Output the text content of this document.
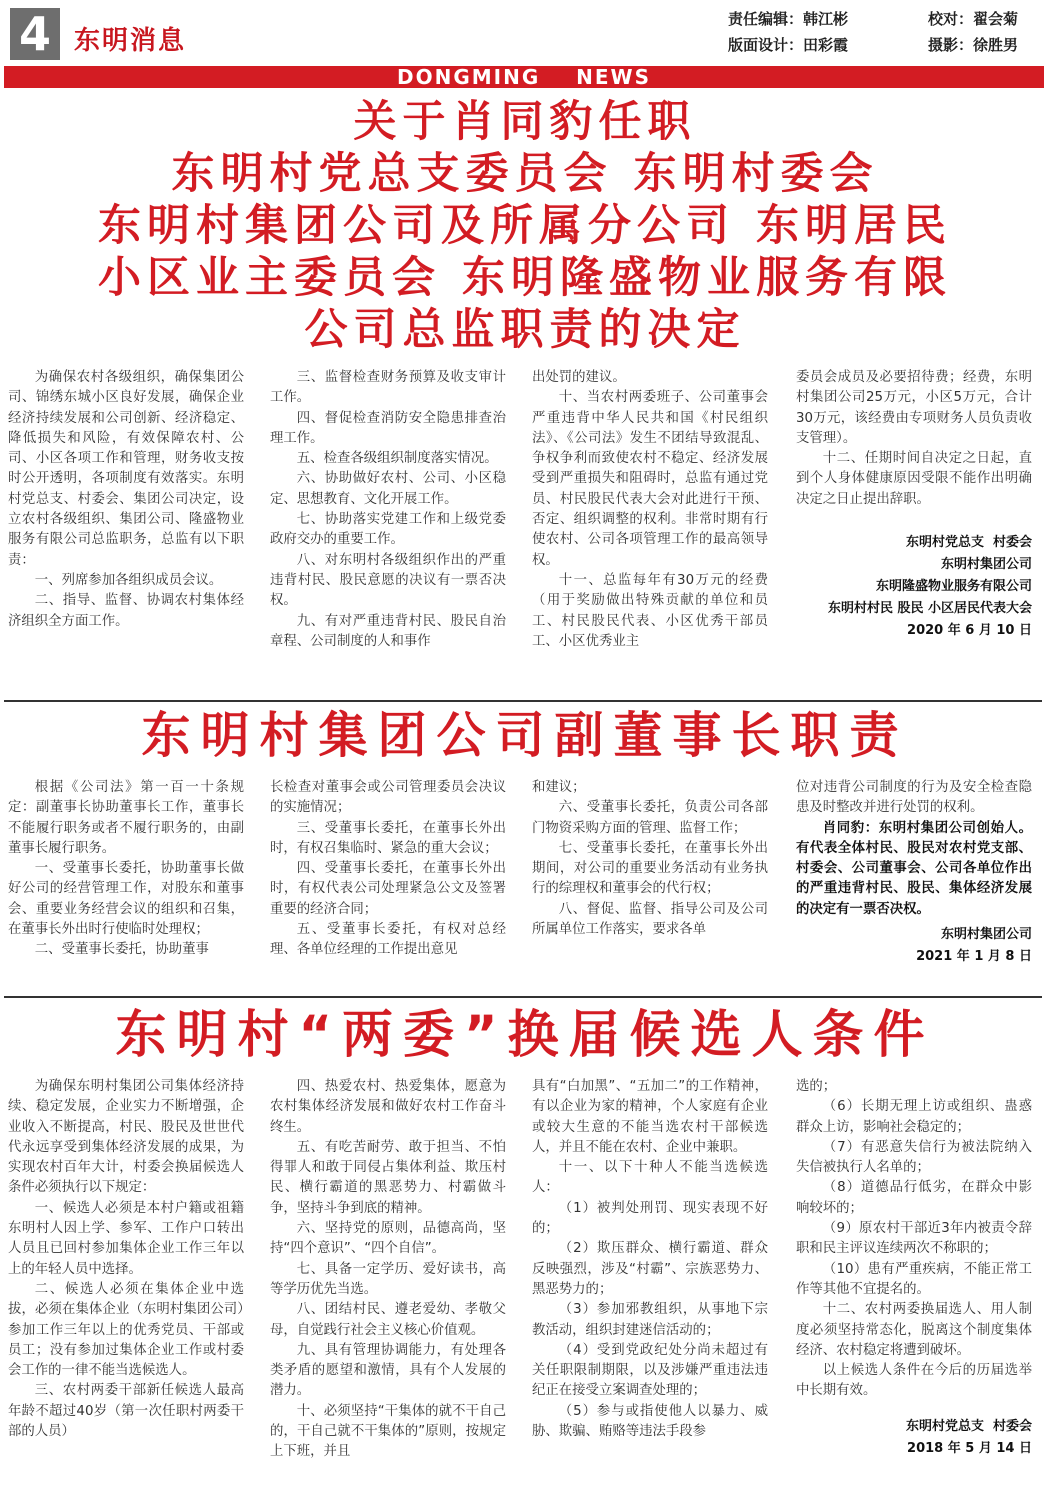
4 东明消息
责任编辑：韩江彬
版面设计：田彩霞
校对：翟会菊
摄影：徐胜男
DONGMING    NEWS
关于肖同豹任职
东明村党总支委员会 东明村委会
东明村集团公司及所属分公司 东明居民
小区业主委员会 东明隆盛物业服务有限
公司总监职责的决定

为确保农村各级组织，确保集团公司、锦绣东城小区良好发展，确保企业经济持续发展和公司创新、经济稳定、降低损失和风险，有效保障农村、公司、小区各项工作和管理，财务收支按时公开透明，各项制度有效落实。东明村党总支、村委会、集团公司决定，设立农村各级组织、集团公司、隆盛物业服务有限公司总监职务，总监有以下职责：

一、列席参加各组织成员会议。

二、指导、监督、协调农村集体经济组织全方面工作。

三、监督检查财务预算及收支审计工作。

四、督促检查消防安全隐患排查治理工作。

五、检查各级组织制度落实情况。

六、协助做好农村、公司、小区稳定、思想教育、文化开展工作。

七、协助落实党建工作和上级党委政府交办的重要工作。

八、对东明村各级组织作出的严重违背村民、股民意愿的决议有一票否决权。

九、有对严重违背村民、股民自治章程、公司制度的人和事作

出处罚的建议。

十、当农村两委班子、公司董事会严重违背中华人民共和国《村民组织法》、《公司法》发生不团结导致混乱、争权争利而致使农村不稳定、经济发展受到严重损失和阻碍时，总监有通过党员、村民股民代表大会对此进行干预、否定、组织调整的权利。非常时期有行使农村、公司各项管理工作的最高领导权。

十一、总监每年有30万元的经费（用于奖励做出特殊贡献的单位和员工、村民股民代表、小区优秀干部员工、小区优秀业主

委员会成员及必要招待费；经费，东明村集团公司25万元，小区5万元，合计30万元，该经费由专项财务人员负责收支管理）。

十二、任期时间自决定之日起，直到个人身体健康原因受限不能作出明确决定之日止提出辞职。

东明村党总支  村委会
东明村集团公司
东明隆盛物业服务有限公司
东明村村民 股民 小区居民代表大会
2020 年 6 月 10 日
东明村集团公司副董事长职责

根据《公司法》第一百一十条规定：副董事长协助董事长工作，董事长不能履行职务或者不履行职务的，由副董事长履行职务。

一、受董事长委托，协助董事长做好公司的经营管理工作，对股东和董事会、重要业务经营会议的组织和召集，在董事长外出时行使临时处理权；

二、受董事长委托，协助董事

长检查对董事会或公司管理委员会决议的实施情况；

三、受董事长委托，在董事长外出时，有权召集临时、紧急的重大会议；

四、受董事长委托，在董事长外出时，有权代表公司处理紧急公文及签署重要的经济合同；

五、受董事长委托，有权对总经理、各单位经理的工作提出意见

和建议；

六、受董事长委托，负责公司各部门物资采购方面的管理、监督工作；

七、受董事长委托，在董事长外出期间，对公司的重要业务活动有业务执行的综理权和董事会的代行权；

八、督促、监督、指导公司及公司所属单位工作落实，要求各单

位对违背公司制度的行为及安全检查隐患及时整改并进行处罚的权利。

肖同豹：东明村集团公司创始人。有代表全体村民、股民对农村党支部、村委会、公司董事会、公司各单位作出的严重违背村民、股民、集体经济发展的决定有一票否决权。

东明村集团公司
2021 年 1 月 8 日
东明村“两委”换届候选人条件

为确保东明村集团公司集体经济持续、稳定发展，企业实力不断增强，企业收入不断提高，村民、股民及世世代代永远享受到集体经济发展的成果，为实现农村百年大计，村委会换届候选人条件必须执行以下规定：

一、候选人必须是本村户籍或祖籍东明村人因上学、参军、工作户口转出人员且已回村参加集体企业工作三年以上的年轻人员中选择。

二、候选人必须在集体企业中选拔，必须在集体企业（东明村集团公司）参加工作三年以上的优秀党员、干部或员工；没有参加过集体企业工作或村委会工作的一律不能当选候选人。

三、农村两委干部新任候选人最高年龄不超过40岁（第一次任职村两委干部的人员）

四、热爱农村、热爱集体，愿意为农村集体经济发展和做好农村工作奋斗终生。

五、有吃苦耐劳、敢于担当、不怕得罪人和敢于同侵占集体利益、欺压村民、横行霸道的黑恶势力、村霸做斗争，坚持斗争到底的精神。

六、坚持党的原则，品德高尚，坚持“四个意识”、“四个自信”。

七、具备一定学历、爱好读书，高等学历优先当选。

八、团结村民、遵老爱幼、孝敬父母，自觉践行社会主义核心价值观。

九、具有管理协调能力，有处理各类矛盾的愿望和激情，具有个人发展的潜力。

十、必须坚持“干集体的就不干自己的，干自己就不干集体的”原则，按规定上下班，并且

具有“白加黑”、“五加二”的工作精神，有以企业为家的精神，个人家庭有企业或较大生意的不能当选农村干部候选人，并且不能在农村、企业中兼职。

十一、以下十种人不能当选候选人：

（1）被判处刑罚、现实表现不好的；

（2）欺压群众、横行霸道、群众反映强烈，涉及“村霸”、宗族恶势力、黑恶势力的；

（3）参加邪教组织，从事地下宗教活动，组织封建迷信活动的；

（4）受到党政纪处分尚未超过有关任职限制期限，以及涉嫌严重违法违纪正在接受立案调查处理的；

（5）参与或指使他人以暴力、威胁、欺骗、贿赂等违法手段参

选的；

（6）长期无理上访或组织、蛊惑群众上访，影响社会稳定的；

（7）有恶意失信行为被法院纳入失信被执行人名单的；

（8）道德品行低劣，在群众中影响较坏的；

（9）原农村干部近3年内被责令辞职和民主评议连续两次不称职的；

（10）患有严重疾病，不能正常工作等其他不宜提名的。

十二、农村两委换届选人、用人制度必须坚持常态化，脱离这个制度集体经济、农村稳定将遭到破坏。

以上候选人条件在今后的历届选举中长期有效。

东明村党总支  村委会
2018 年 5 月 14 日
